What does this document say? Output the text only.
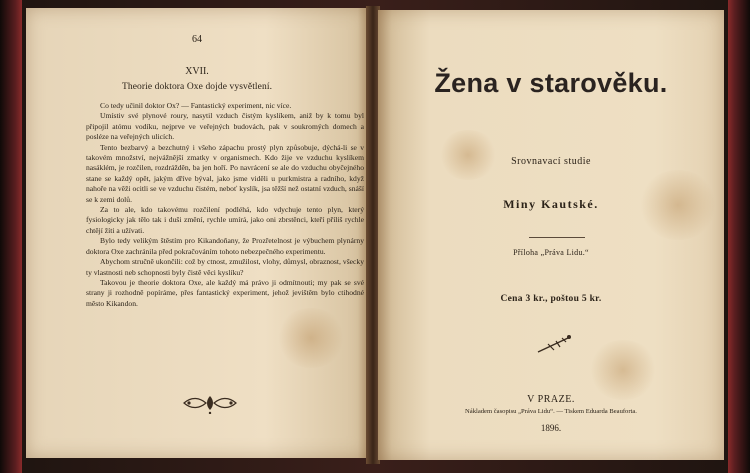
64
XVII.
Theorie doktora Oxe dojde vysvětlení.

Co tedy učinil doktor Ox? — Fantastický experiment, nic více.

Umístiv své plynové roury, nasytil vzduch čistým kyslíkem, aniž by k tomu byl připojil atómu vodíku, nejprve ve veřejných budovách, pak v soukromých domech a posléze na veřejných ulicích.

Tento bezbarvý a bezchutný i všeho zápachu prostý plyn způsobuje, dýchá-li se v takovém množství, nejvážnější zmatky v organismech. Kdo žije ve vzduchu kyslíkem nasáklém, je rozčilen, rozdrážděn, ba jen hoří. Po navrácení se ale do vzduchu obyčejného stane se každý opět, jakým dříve býval, jako jsme viděli u purkmistra a radního, když nahoře na věži ocitli se ve vzduchu čistém, neboť kyslík, jsa těžší než ostatní vzduch, snáší se k zemi dolů.

Za to ale, kdo takovému rozčilení podléhá, kdo vdychuje tento plyn, který fysiologicky jak tělo tak i duši změní, rychle umírá, jako oni zbrstěnci, kteří příliš rychle chtějí žíti a užívati.

Bylo tedy velikým štěstím pro Kikandoňany, že Prozřetelnost je výbuchem plynárny doktora Oxe zachránila před pokračováním tohoto nebezpečného experimentu.

Abychom stručně ukončili: což by ctnost, zmužilost, vlohy, důmysl, obraznost, všecky ty vlastnosti neb schopnosti byly čistě věci kyslíku?

Takovou je theorie doktora Oxe, ale každý má právo ji odmítnouti; my pak se své strany ji rozhodně popíráme, přes fantastický experiment, jehož jevištěm bylo ctihodné město Kikandon.

Žena v starověku.
Srovnavací studie
Miny Kautské.
Příloha „Práva Lidu.“
Cena 3 kr., poštou 5 kr.
V PRAZE.
Nákladem časopisu „Práva Lidu“. — Tiskem Eduarda Beauforta.
1896.
